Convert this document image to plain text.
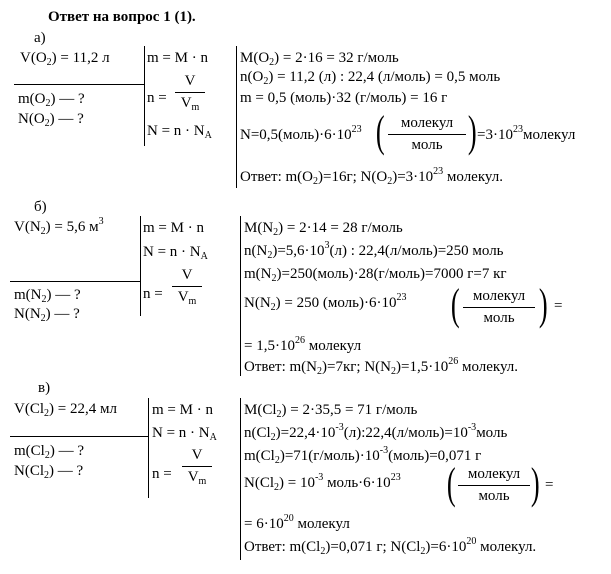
Ответ на вопрос 1 (1).
а)
$V(O_2) = 11,2$ л
$m(O_2)$ — ?
$N(O_2)$ — ?
m = M · n
n =
V
$V_m$
$N = n \cdot N_A$
$M(O_2) = 2\cdot 16 = 32$ г/моль
$n(O_2) = 11,2$ (л) : 22,4 (л/моль) = 0,5 моль
m = 0,5 (моль)·32 (г/моль) = 16 г
$N=0,5(моль)\cdot 6\cdot 10^{23}$ (	молекул
моль ) $=3\cdot 10^{23}молекул$
Ответ: $m(O_2)=16г$; $N(O_2)=3\cdot 10^{23}$ молекул.
б)
$V(N_2) = 5,6$ $м^3$
$m(N_2)$ — ?
$N(N_2)$ — ?
m = M · n
$N = n \cdot N_A$
n =
V
$V_m$
$M(N_2) = 2\cdot 14 = 28$ г/моль
$n(N_2)=5,6\cdot 10^3(л)$ : 22,4(л/моль)=250 моль
$m(N_2)=250(моль)\cdot 28(г/моль)=7000$ г=7 кг
$N(N_2) = 250$ $(моль)\cdot 6\cdot 10^{23}$ ( молекул
моль ) =
= $1,5\cdot 10^{26}$ молекул
Ответ: $m(N_2)=7кг$; $N(N_2)=1,5\cdot 10^{26}$ молекул.
в)
$V(Cl_2) = 22,4$ мл
$m(Cl_2)$ — ?
$N(Cl_2)$ — ?
m = M · n
$N = n \cdot N_A$
n =
V
$V_m$
$M(Cl_2) = 2\cdot 35,5 = 71$ г/моль
$n(Cl_2)=22,4\cdot 10^{-3}(л):22,4(л/моль)=10^{-3}моль$
$m(Cl_2)=71(г/моль)\cdot 10^{-3}(моль)=0,071$ г
$N(Cl_2) = 10^{-3}$ $моль\cdot 6\cdot 10^{23}$ ( молекул
моль ) =
= $6\cdot 10^{20}$ молекул
Ответ: $m(Cl_2)=0,071$ г; $N(Cl_2)=6\cdot 10^{20}$ молекул.
